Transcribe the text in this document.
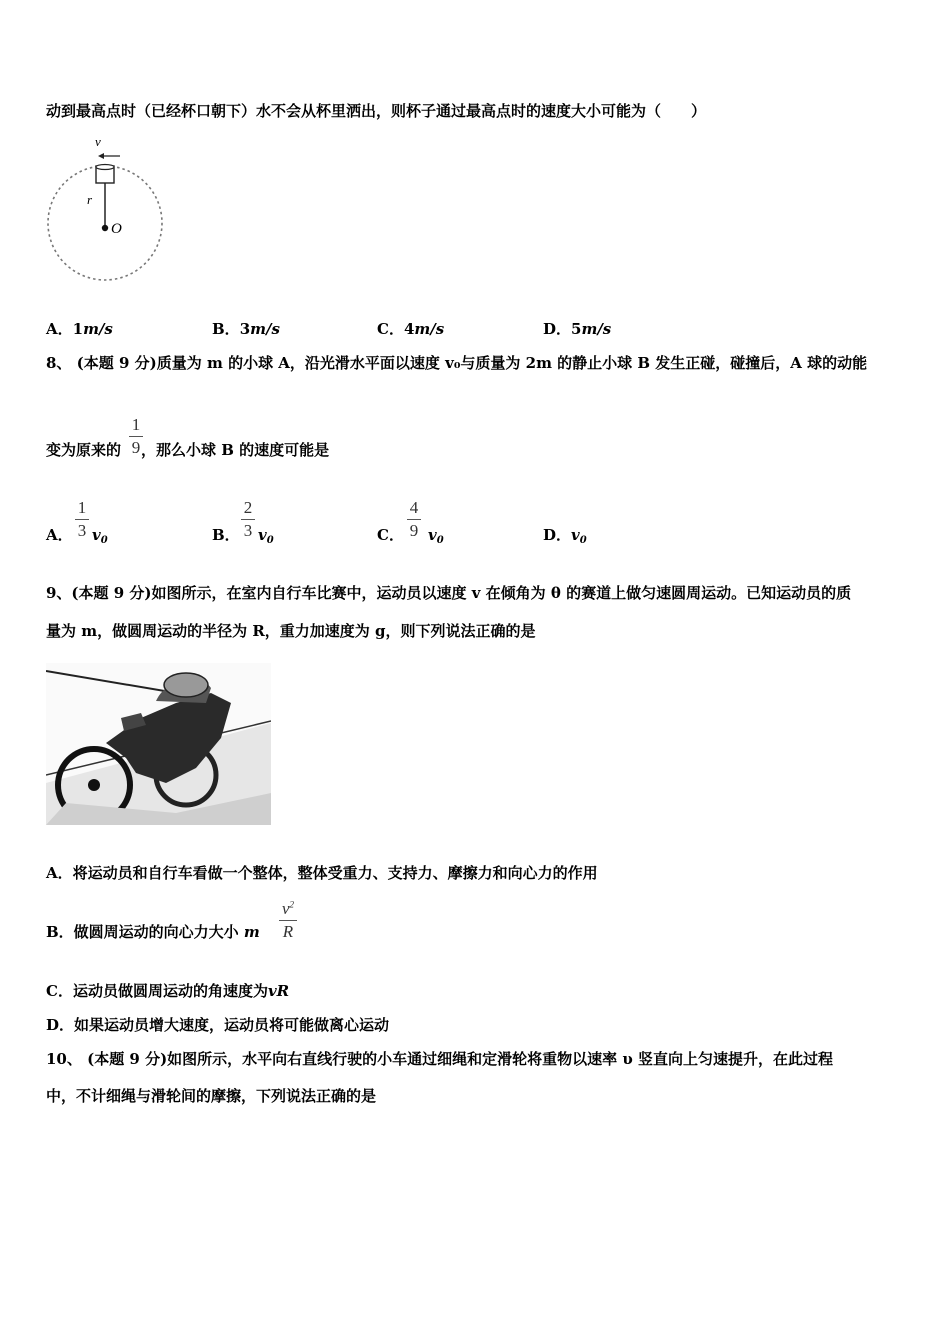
动到最高点时（已经杯口朝下）水不会从杯里洒出，则杯子通过最高点时的速度大小可能为（　　）
v
r
O
A．1m/s	B．3m/s	C．4m/s	D．5m/s
8、 (本题 9 分)质量为 m 的小球 A，沿光滑水平面以速度 v₀与质量为 2m 的静止小球 B 发生正碰，碰撞后，A 球的动能
变为原来的 ，那么小球 B 的速度可能是
1
9
A．
1
3 $v_0$	B．
2
3 $v_0$	C．
4
9 $v_0$	D．$v_0$
9、(本题 9 分)如图所示，在室内自行车比赛中，运动员以速度 v 在倾角为 θ 的赛道上做匀速圆周运动。已知运动员的质
量为 m，做圆周运动的半径为 R，重力加速度为 g，则下列说法正确的是
A．将运动员和自行车看做一个整体，整体受重力、支持力、摩擦力和向心力的作用
B．做圆周运动的向心力大小 m
$v^2$
R
C．运动员做圆周运动的角速度为vR
D．如果运动员增大速度，运动员将可能做离心运动
10、 (本题 9 分)如图所示，水平向右直线行驶的小车通过细绳和定滑轮将重物以速率 υ 竖直向上匀速提升，在此过程
中，不计细绳与滑轮间的摩擦，下列说法正确的是
